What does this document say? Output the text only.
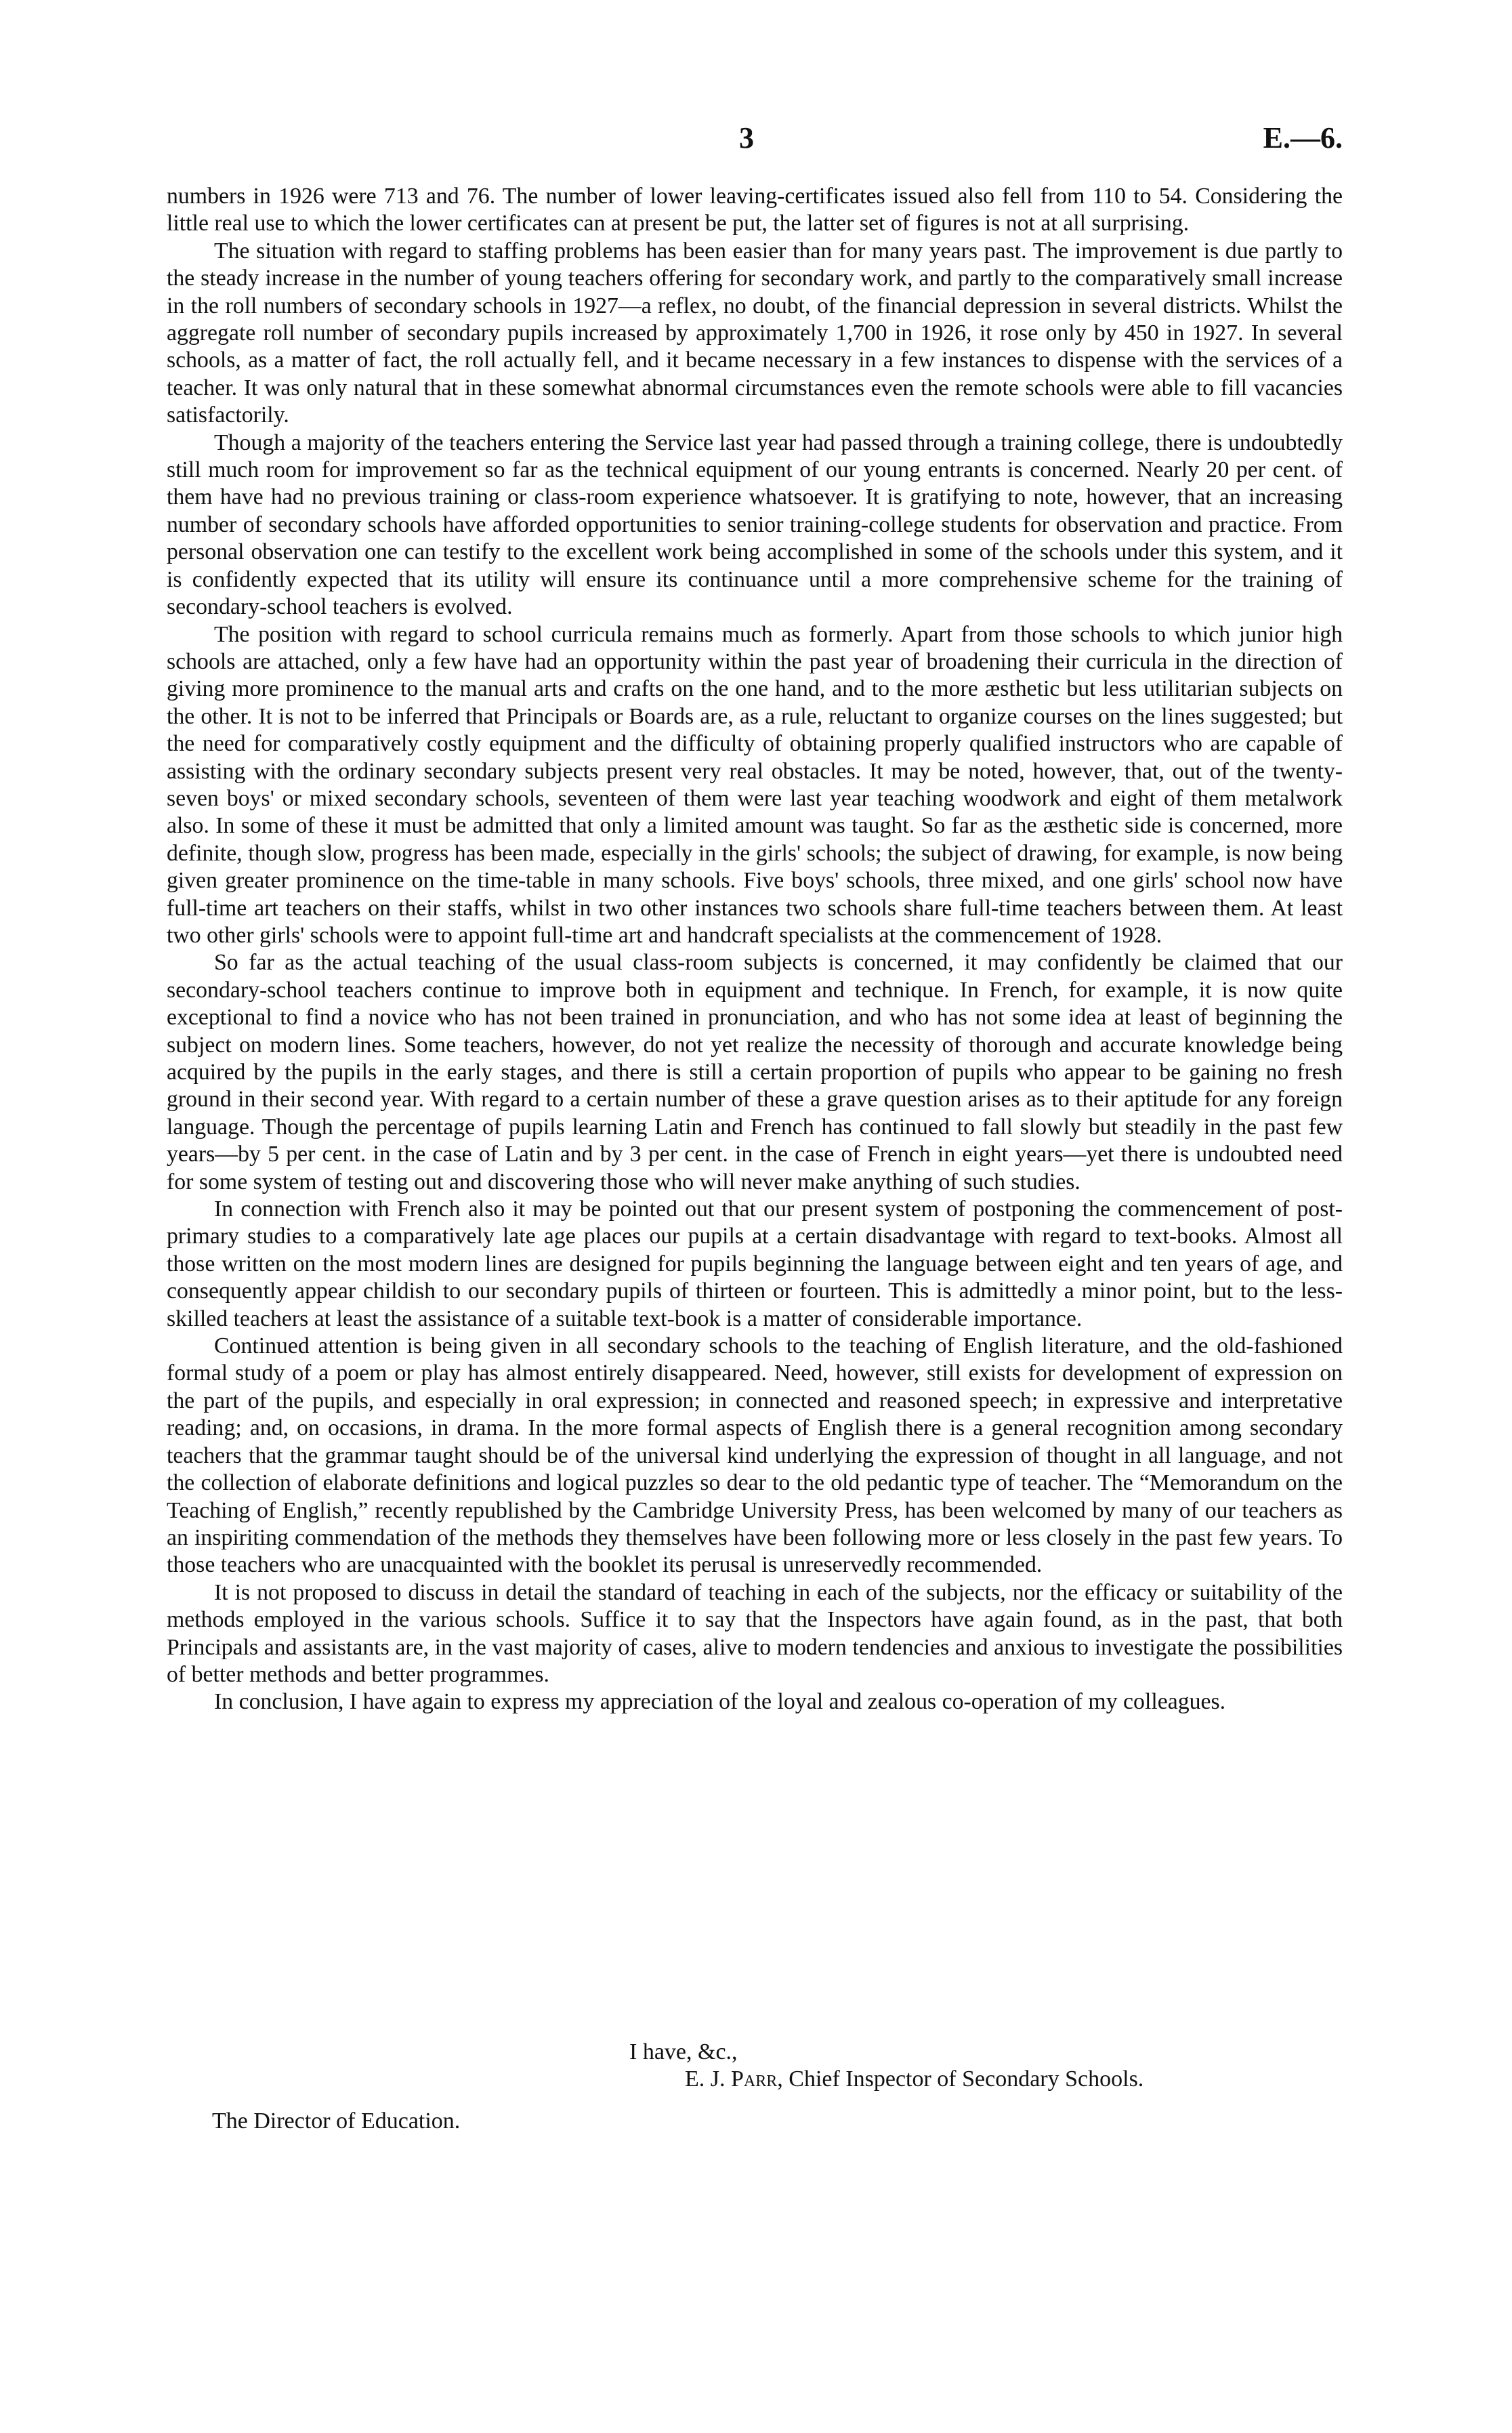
3	E.—6.

numbers in 1926 were 713 and 76. The number of lower leaving-certificates issued also fell from 110 to 54. Considering the little real use to which the lower certificates can at present be put, the latter set of figures is not at all surprising.

The situation with regard to staffing problems has been easier than for many years past. The improvement is due partly to the steady increase in the number of young teachers offering for secondary work, and partly to the comparatively small increase in the roll numbers of secondary schools in 1927—a reflex, no doubt, of the financial depression in several districts. Whilst the aggregate roll number of secondary pupils increased by approximately 1,700 in 1926, it rose only by 450 in 1927. In several schools, as a matter of fact, the roll actually fell, and it became necessary in a few instances to dispense with the services of a teacher. It was only natural that in these somewhat abnormal circumstances even the remote schools were able to fill vacancies satisfactorily.

Though a majority of the teachers entering the Service last year had passed through a training college, there is undoubtedly still much room for improvement so far as the technical equipment of our young entrants is concerned. Nearly 20 per cent. of them have had no previous training or class-room experience whatsoever. It is gratifying to note, however, that an increasing number of secondary schools have afforded opportunities to senior training-college students for observation and practice. From personal observation one can testify to the excellent work being accomplished in some of the schools under this system, and it is confidently expected that its utility will ensure its continuance until a more comprehensive scheme for the training of secondary-school teachers is evolved.

The position with regard to school curricula remains much as formerly. Apart from those schools to which junior high schools are attached, only a few have had an opportunity within the past year of broadening their curricula in the direction of giving more prominence to the manual arts and crafts on the one hand, and to the more æsthetic but less utilitarian subjects on the other. It is not to be inferred that Principals or Boards are, as a rule, reluctant to organize courses on the lines suggested; but the need for comparatively costly equipment and the difficulty of obtaining properly qualified instructors who are capable of assisting with the ordinary secondary subjects present very real obstacles. It may be noted, however, that, out of the twenty-seven boys' or mixed secondary schools, seventeen of them were last year teaching woodwork and eight of them metalwork also. In some of these it must be admitted that only a limited amount was taught. So far as the æsthetic side is concerned, more definite, though slow, progress has been made, especially in the girls' schools; the subject of drawing, for example, is now being given greater prominence on the time-table in many schools. Five boys' schools, three mixed, and one girls' school now have full-time art teachers on their staffs, whilst in two other instances two schools share full-time teachers between them. At least two other girls' schools were to appoint full-time art and handcraft specialists at the commencement of 1928.

So far as the actual teaching of the usual class-room subjects is concerned, it may confidently be claimed that our secondary-school teachers continue to improve both in equipment and technique. In French, for example, it is now quite exceptional to find a novice who has not been trained in pronunciation, and who has not some idea at least of beginning the subject on modern lines. Some teachers, however, do not yet realize the necessity of thorough and accurate knowledge being acquired by the pupils in the early stages, and there is still a certain proportion of pupils who appear to be gaining no fresh ground in their second year. With regard to a certain number of these a grave question arises as to their aptitude for any foreign language. Though the percentage of pupils learning Latin and French has continued to fall slowly but steadily in the past few years—by 5 per cent. in the case of Latin and by 3 per cent. in the case of French in eight years—yet there is undoubted need for some system of testing out and discovering those who will never make anything of such studies.

In connection with French also it may be pointed out that our present system of postponing the commencement of post-primary studies to a comparatively late age places our pupils at a certain disadvantage with regard to text-books. Almost all those written on the most modern lines are designed for pupils beginning the language between eight and ten years of age, and consequently appear childish to our secondary pupils of thirteen or fourteen. This is admittedly a minor point, but to the less-skilled teachers at least the assistance of a suitable text-book is a matter of considerable importance.

Continued attention is being given in all secondary schools to the teaching of English literature, and the old-fashioned formal study of a poem or play has almost entirely disappeared. Need, however, still exists for development of expression on the part of the pupils, and especially in oral expression; in connected and reasoned speech; in expressive and interpretative reading; and, on occasions, in drama. In the more formal aspects of English there is a general recognition among secondary teachers that the grammar taught should be of the universal kind underlying the expression of thought in all language, and not the collection of elaborate definitions and logical puzzles so dear to the old pedantic type of teacher. The “Memorandum on the Teaching of English,” recently republished by the Cambridge University Press, has been welcomed by many of our teachers as an inspiriting commendation of the methods they themselves have been following more or less closely in the past few years. To those teachers who are unacquainted with the booklet its perusal is unreservedly recommended.

It is not proposed to discuss in detail the standard of teaching in each of the subjects, nor the efficacy or suitability of the methods employed in the various schools. Suffice it to say that the Inspectors have again found, as in the past, that both Principals and assistants are, in the vast majority of cases, alive to modern tendencies and anxious to investigate the possibilities of better methods and better programmes.

In conclusion, I have again to express my appreciation of the loyal and zealous co-operation of my colleagues.

I have, &c.,
E. J. Parr, Chief Inspector of Secondary Schools.
The Director of Education.
